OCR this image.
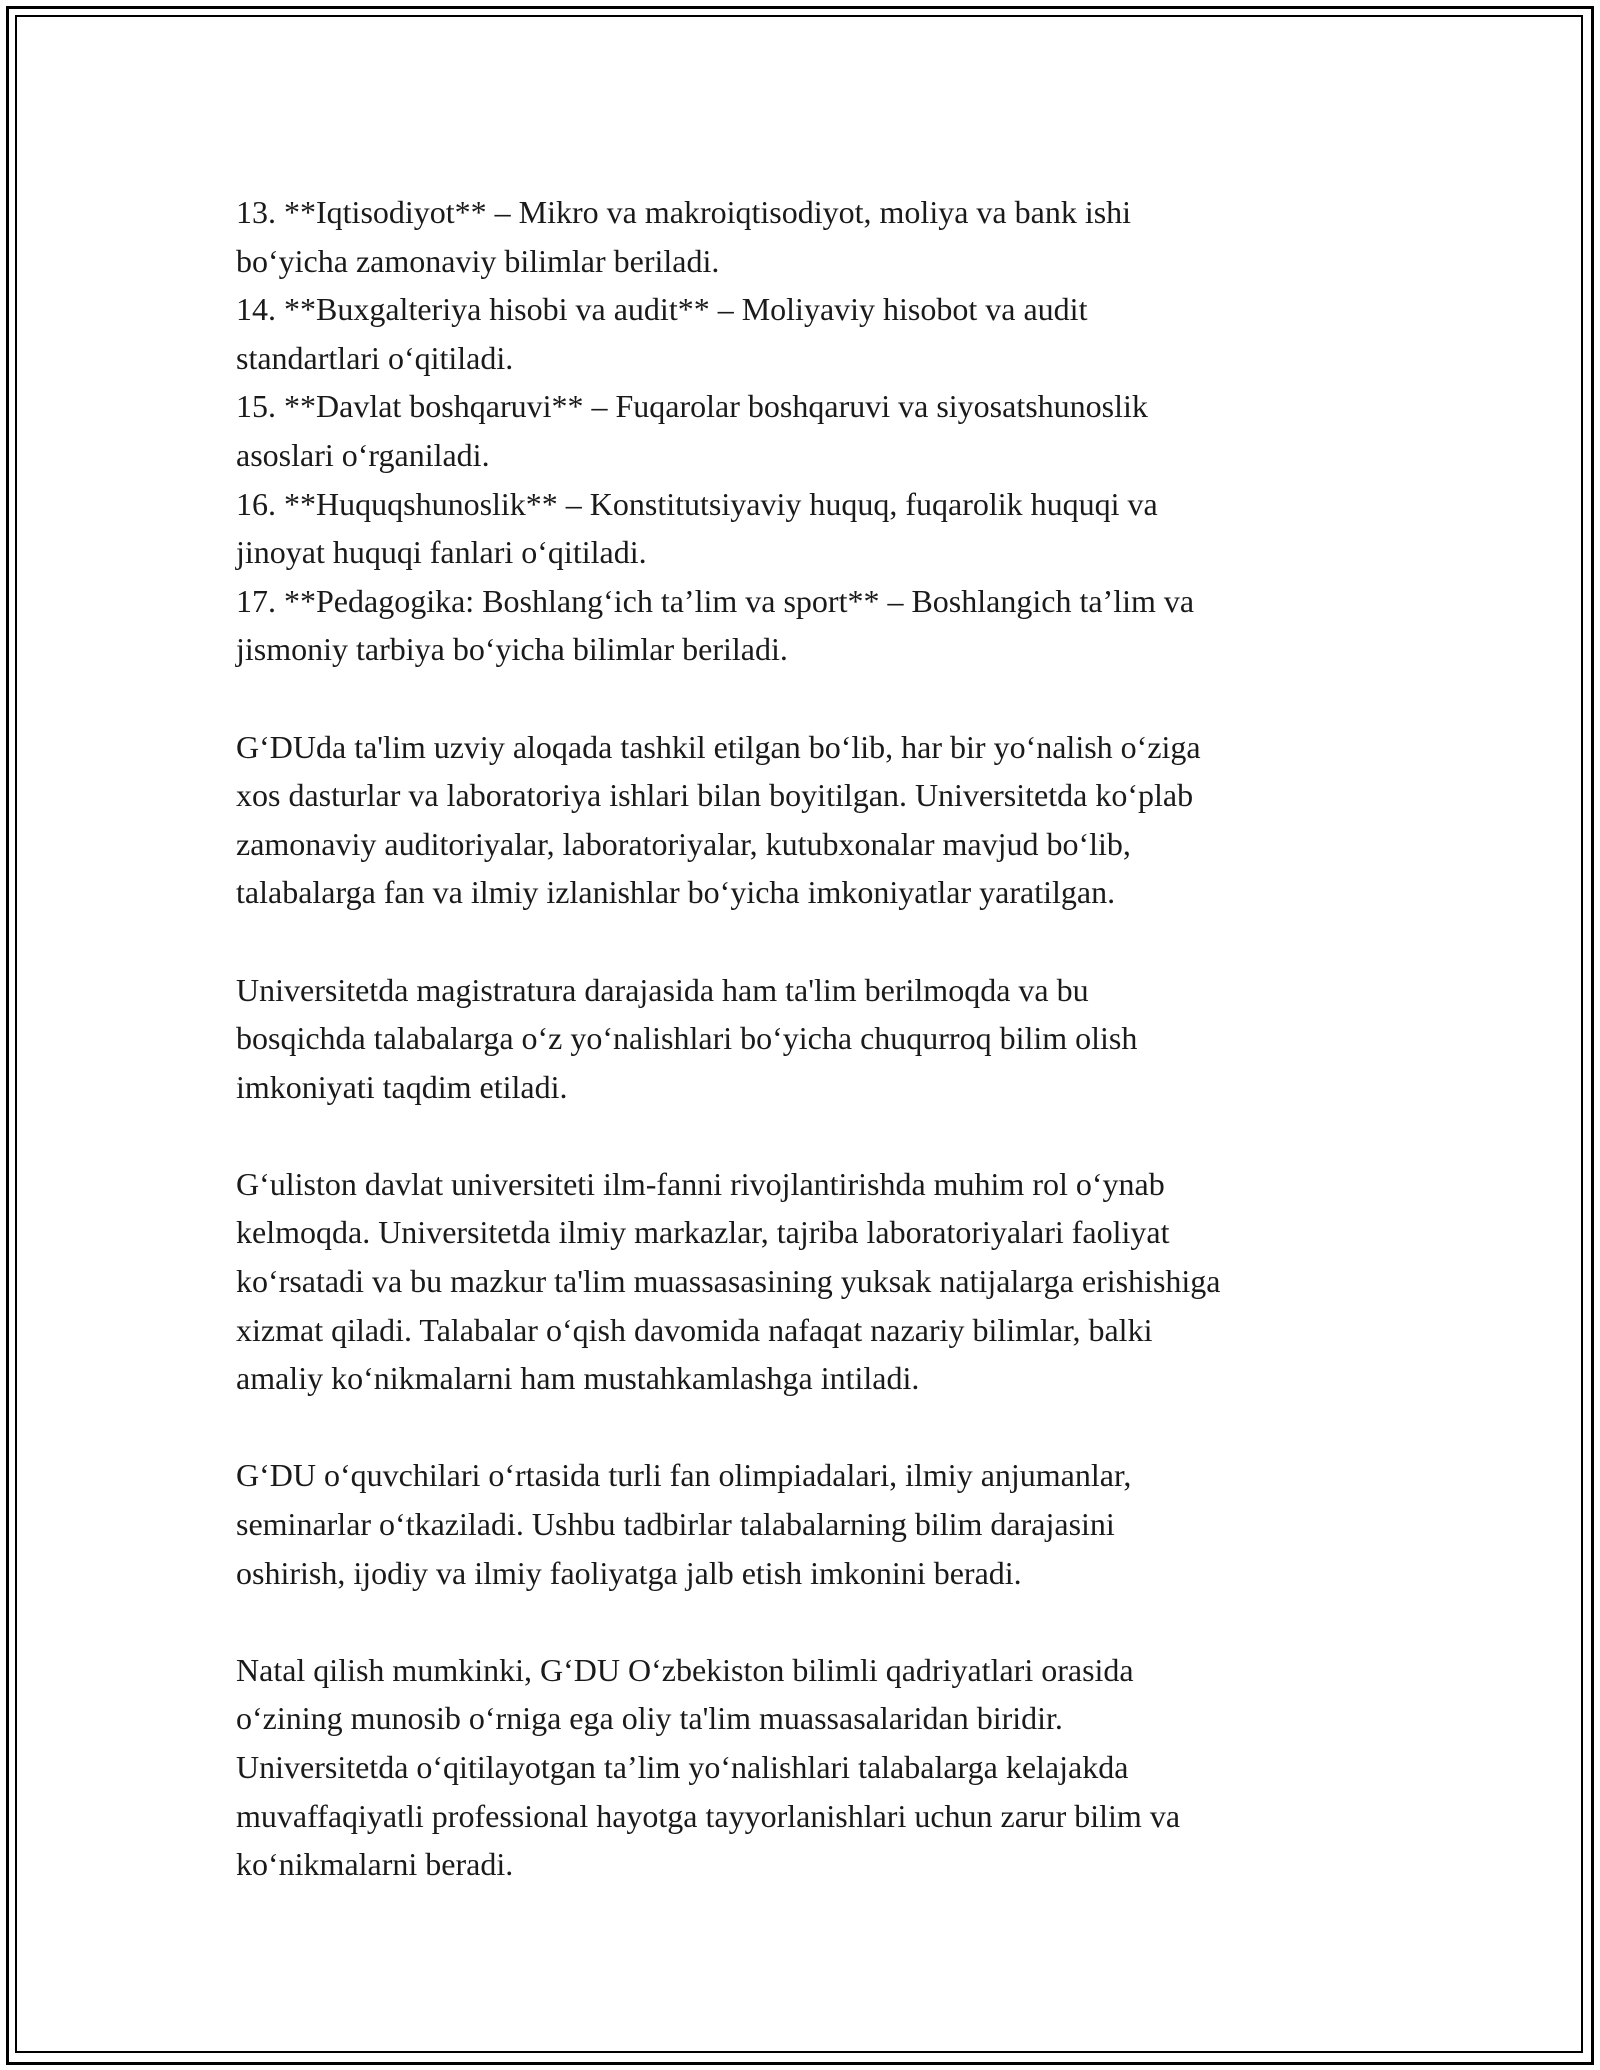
13. **Iqtisodiyot** – Mikro va makroiqtisodiyot, moliya va bank ishi
bo‘yicha zamonaviy bilimlar beriladi.

14. **Buxgalteriya hisobi va audit** – Moliyaviy hisobot va audit
standartlari o‘qitiladi.

15. **Davlat boshqaruvi** – Fuqarolar boshqaruvi va siyosatshunoslik
asoslari o‘rganiladi.

16. **Huquqshunoslik** – Konstitutsiyaviy huquq, fuqarolik huquqi va
jinoyat huquqi fanlari o‘qitiladi.

17. **Pedagogika: Boshlang‘ich ta’lim va sport** – Boshlangich ta’lim va
jismoniy tarbiya bo‘yicha bilimlar beriladi.

G‘DUda ta'lim uzviy aloqada tashkil etilgan bo‘lib, har bir yo‘nalish o‘ziga
xos dasturlar va laboratoriya ishlari bilan boyitilgan. Universitetda ko‘plab
zamonaviy auditoriyalar, laboratoriyalar, kutubxonalar mavjud bo‘lib,
talabalarga fan va ilmiy izlanishlar bo‘yicha imkoniyatlar yaratilgan.

Universitetda magistratura darajasida ham ta'lim berilmoqda va bu
bosqichda talabalarga o‘z yo‘nalishlari bo‘yicha chuqurroq bilim olish
imkoniyati taqdim etiladi.

G‘uliston davlat universiteti ilm-fanni rivojlantirishda muhim rol o‘ynab
kelmoqda. Universitetda ilmiy markazlar, tajriba laboratoriyalari faoliyat
ko‘rsatadi va bu mazkur ta'lim muassasasining yuksak natijalarga erishishiga
xizmat qiladi. Talabalar o‘qish davomida nafaqat nazariy bilimlar, balki
amaliy ko‘nikmalarni ham mustahkamlashga intiladi.

G‘DU o‘quvchilari o‘rtasida turli fan olimpiadalari, ilmiy anjumanlar,
seminarlar o‘tkaziladi. Ushbu tadbirlar talabalarning bilim darajasini
oshirish, ijodiy va ilmiy faoliyatga jalb etish imkonini beradi.

Natal qilish mumkinki, G‘DU O‘zbekiston bilimli qadriyatlari orasida
o‘zining munosib o‘rniga ega oliy ta'lim muassasalaridan biridir.
Universitetda o‘qitilayotgan ta’lim yo‘nalishlari talabalarga kelajakda
muvaffaqiyatli professional hayotga tayyorlanishlari uchun zarur bilim va
ko‘nikmalarni beradi.
